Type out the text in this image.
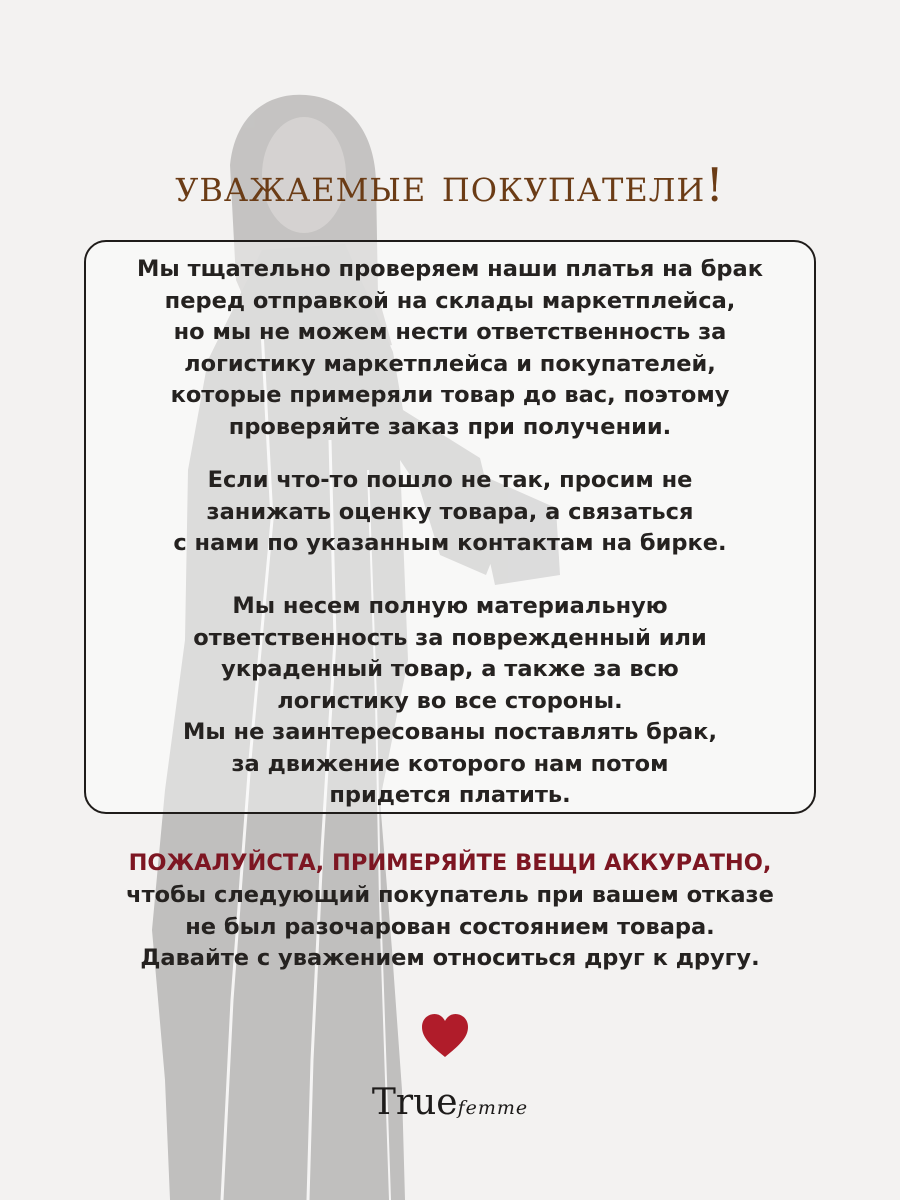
уважаемые покупатели!
Мы тщательно проверяем наши платья на брак
перед отправкой на склады маркетплейса,
но мы не можем нести ответственность за
логистику маркетплейса и покупателей,
которые примеряли товар до вас, поэтому
проверяйте заказ при получении.
Если что-то пошло не так, просим не
занижать оценку товара, а связаться
с нами по указанным контактам на бирке.
Мы несем полную материальную
ответственность за поврежденный или
украденный товар, а также за всю
логистику во все стороны.
Мы не заинтересованы поставлять брак,
за движение которого нам потом
придется платить.
ПОЖАЛУЙСТА, ПРИМЕРЯЙТЕ ВЕЩИ АККУРАТНО,
чтобы следующий покупатель при вашем отказе
не был разочарован состоянием товара.
Давайте с уважением относиться друг к другу.
Truefemme
